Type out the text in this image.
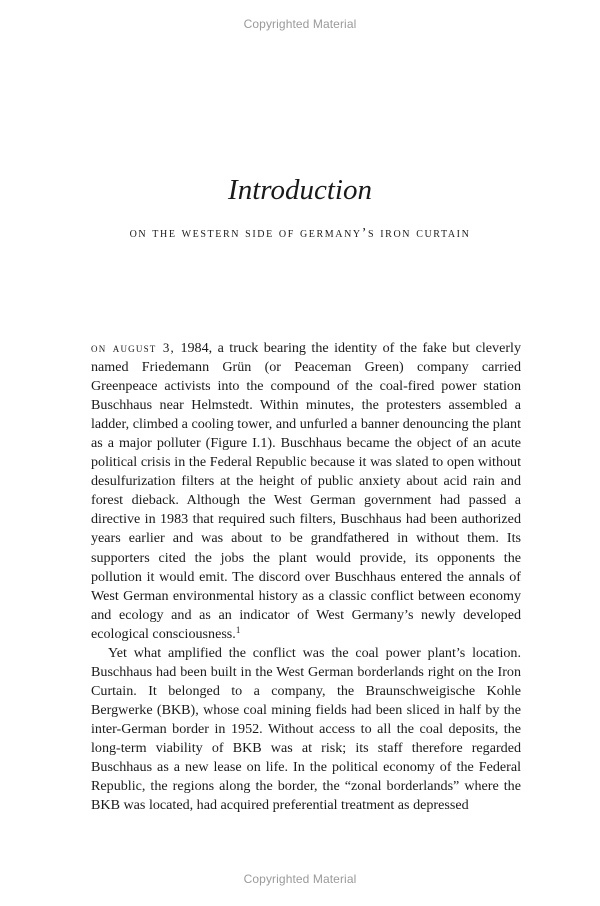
Copyrighted Material
Introduction
on the western side of germany’s iron curtain

on august 3, 1984, a truck bearing the identity of the fake but cleverly named Friedemann Grün (or Peaceman Green) company carried Greenpeace activists into the compound of the coal-fired power station Buschhaus near Helmstedt. Within minutes, the protesters assembled a ladder, climbed a cooling tower, and unfurled a banner denouncing the plant as a major polluter (Figure I.1). Buschhaus became the object of an acute political crisis in the Federal Republic because it was slated to open without desulfurization filters at the height of public anxiety about acid rain and forest dieback. Although the West German government had passed a directive in 1983 that required such filters, Buschhaus had been authorized years earlier and was about to be grandfathered in without them. Its supporters cited the jobs the plant would provide, its opponents the pollution it would emit. The discord over Buschhaus entered the annals of West German environmental history as a classic conflict between economy and ecology and as an indicator of West Germany’s newly developed ecological consciousness.$^1$

Yet what amplified the conflict was the coal power plant’s location. Buschhaus had been built in the West German borderlands right on the Iron Curtain. It belonged to a company, the Braunschweigische Kohle Bergwerke (BKB), whose coal mining fields had been sliced in half by the inter-German border in 1952. Without access to all the coal deposits, the long-term viability of BKB was at risk; its staff therefore regarded Buschhaus as a new lease on life. In the political economy of the Federal Republic, the regions along the border, the “zonal borderlands” where the BKB was located, had acquired preferential treatment as depressed

Copyrighted Material
